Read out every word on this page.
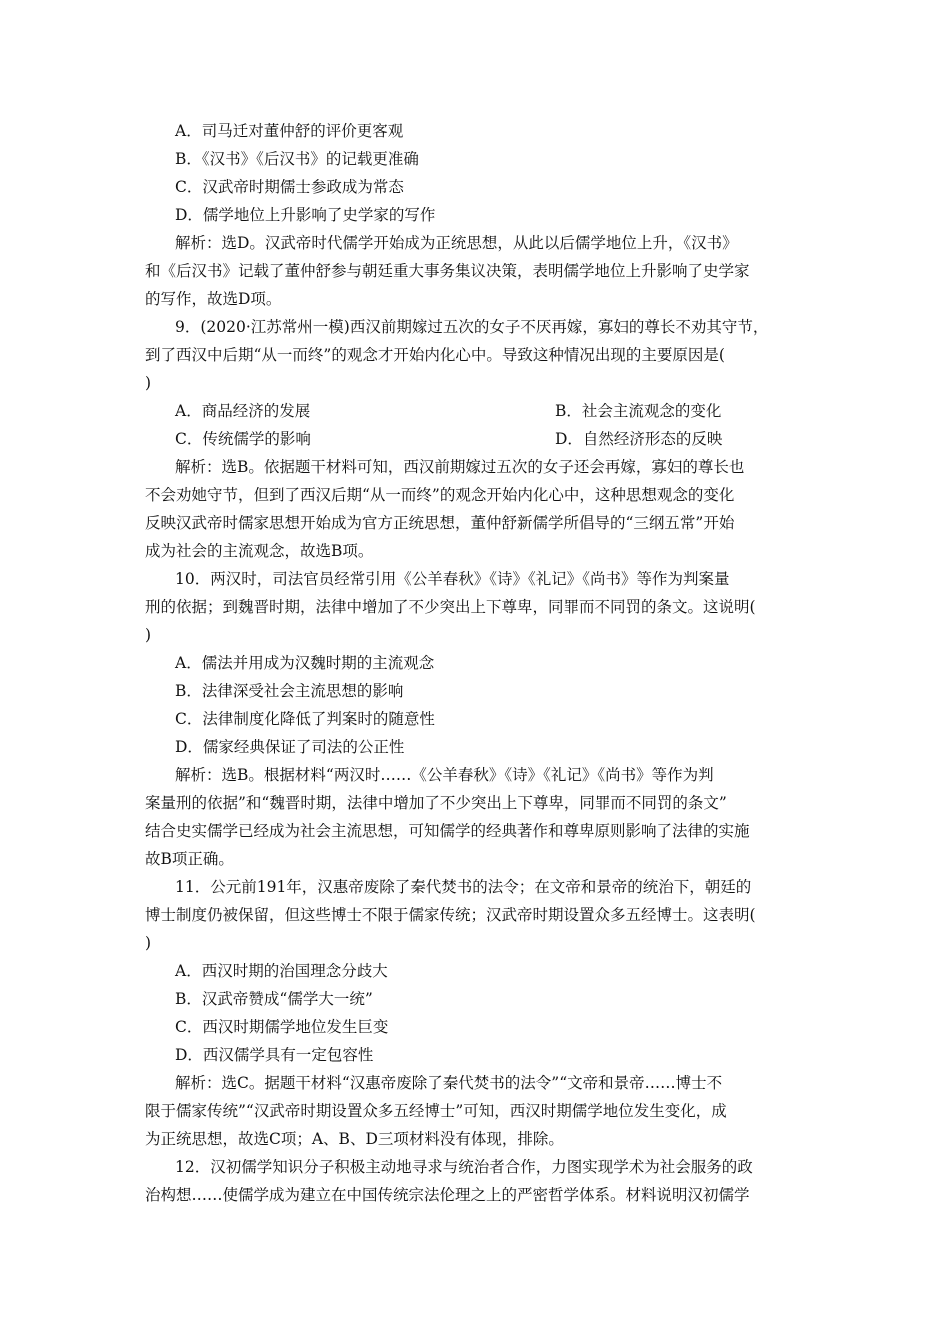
A．司马迁对董仲舒的评价更客观
B．《汉书》《后汉书》的记载更准确
C．汉武帝时期儒士参政成为常态
D．儒学地位上升影响了史学家的写作
解析：选D。汉武帝时代儒学开始成为正统思想，从此以后儒学地位上升，《汉书》
和《后汉书》记载了董仲舒参与朝廷重大事务集议决策，表明儒学地位上升影响了史学家
的写作，故选D项。
9．(2020·江苏常州一模)西汉前期嫁过五次的女子不厌再嫁，寡妇的尊长不劝其守节，
到了西汉中后期“从一而终”的观念才开始内化心中。导致这种情况出现的主要原因是(
)
A．商品经济的发展	B．社会主流观念的变化
C．传统儒学的影响	D．自然经济形态的反映
解析：选B。依据题干材料可知，西汉前期嫁过五次的女子还会再嫁，寡妇的尊长也
不会劝她守节，但到了西汉后期“从一而终”的观念开始内化心中，这种思想观念的变化
反映汉武帝时儒家思想开始成为官方正统思想，董仲舒新儒学所倡导的“三纲五常”开始
成为社会的主流观念，故选B项。
10．两汉时，司法官员经常引用《公羊春秋》《诗》《礼记》《尚书》等作为判案量
刑的依据；到魏晋时期，法律中增加了不少突出上下尊卑，同罪而不同罚的条文。这说明(
)
A．儒法并用成为汉魏时期的主流观念
B．法律深受社会主流思想的影响
C．法律制度化降低了判案时的随意性
D．儒家经典保证了司法的公正性
解析：选B。根据材料“两汉时……《公羊春秋》《诗》《礼记》《尚书》等作为判
案量刑的依据”和“魏晋时期，法律中增加了不少突出上下尊卑，同罪而不同罚的条文”
结合史实儒学已经成为社会主流思想，可知儒学的经典著作和尊卑原则影响了法律的实施
故B项正确。
11．公元前191年，汉惠帝废除了秦代焚书的法令；在文帝和景帝的统治下，朝廷的
博士制度仍被保留，但这些博士不限于儒家传统；汉武帝时期设置众多五经博士。这表明(
)
A．西汉时期的治国理念分歧大
B．汉武帝赞成“儒学大一统”
C．西汉时期儒学地位发生巨变
D．西汉儒学具有一定包容性
解析：选C。据题干材料“汉惠帝废除了秦代焚书的法令”“文帝和景帝……博士不
限于儒家传统”“汉武帝时期设置众多五经博士”可知，西汉时期儒学地位发生变化，成
为正统思想，故选C项；A、B、D三项材料没有体现，排除。
12．汉初儒学知识分子积极主动地寻求与统治者合作，力图实现学术为社会服务的政
治构想……使儒学成为建立在中国传统宗法伦理之上的严密哲学体系。材料说明汉初儒学
